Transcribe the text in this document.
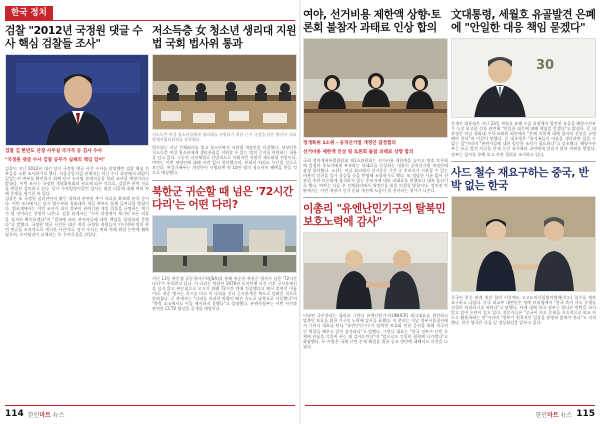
한국 정치
검찰 "2012년 국정원 댓글 수사 핵심 검찰들 조사"
검찰 김 한반도 산장 사무실 국가직 등 검사 수사
"국정원 댓글 수사 검찰 공무가 실패의 책임 있어"

검찰이 지난 2012년 대선 당시 국정원 댓글 사건 수사를 담당했던 검찰 핵심 간부들을 소환 조사하기로 했다. 서울중앙지검 관계자는 지난 수사 과정에서 외압이 있었는지 여부를 확인하기 위해 당시 수사팀 관계자들을 불러 조사할 예정이라고 밝혔다. 이번 조사는 국정원 개혁위원회의 권고에 따른 것으로, 검찰은 관련 자료를 면밀히 검토하고 있다. 당시 수사팀장이었던 검사는 외압 의혹에 대해 여러 차례 문제를 제기한 바 있다.

검찰은 또 국정원 심리전단의 활동 내역과 관련된 추가 자료를 확보해 분석 중이다. 이번 조사에서는 당시 법무부와 청와대의 개입 여부도 함께 들여다볼 방침이다. 법조계에서는 이번 조사가 과거 정부의 권력기관 개입 의혹을 규명하는 계기가 될 것이라는 전망이 나온다. 검찰 관계자는 "수사 과정에서 제기된 모든 의혹을 철저히 확인하겠다"며 "결과에 따라 관련자들에 대한 책임을 엄정하게 묻겠다"고 말했다. 국정원 댓글 사건은 대선 직전 국정원 직원들이 인터넷에 정치 관련 댓글을 조직적으로 게시한 사건이다. 당시 수사는 여러 차례 외압 논란에 휩싸였으며, 수사팀장이 교체되는 등 우여곡절을 겪었다.

저소득층 女 청소년 생리대 지원 법 국회 법사위 통과
저소득층 여성 청소년들에게 생리대를 지원하기 위한 근거 규정을 담은 법안이 국회 법제사법위원회를 통과했다.

법사위는 이날 전체회의를 열고 청소년복지 지원법 개정안을 의결했다. 개정안은 저소득층 여성 청소년에게 생리용품을 지원할 수 있는 법적 근거를 마련하는 내용을 담고 있다. 그동안 지자체별로 산발적으로 이뤄지던 지원이 제도화될 전망이다. 여야는 이번 개정안에 대해 이견 없이 합의했으며, 본회의 처리도 무난할 것으로 보인다. 여성가족부는 개정안이 시행되면 약 10만 명의 청소년이 혜택을 받을 것으로 예상했다.

북한군 귀순할 때 넘은 '72시간 다리'는 어떤 다리?

지난 13일 판문점 공동경비구역(JSA)을 통해 귀순한 북한군 병사가 넘은 '72시간 다리'가 주목받고 있다. 이 다리는 북한이 1976년 도끼만행 사건 이후 군사분계선을 넘지 않고 판문점으로 오가기 위해 72시간 만에 건설했다고 해서 붙여진 이름이다. 귀순 병사는 지프를 타고 이 다리를 건너 군사분계선 쪽으로 달려온 것으로 알려졌다. 군 관계자는 "다리를 통과한 차량이 빠른 속도로 남쪽으로 이동했다"며 "북측 초소에서도 이를 제지하지 못했다"고 설명했다. 유엔사령부는 이번 사건과 관련한 CCTV 영상을 공개할 예정이다.

여야, 선거비용 제한액 상향·토론회 불참자 과태료 인상 합의
정개특위 1소위 - 공직선거법 개정안 잠정합의
선거비용 제한액 인상 및 토론회 불참 과태료 상향 합의

국회 정치개혁특별위원회 제1소위원회는 선거비용 제한액을 높이고 방송 토론회에 불참한 후보자에게 부과하는 과태료를 인상하는 내용의 공직선거법 개정안에 잠정 합의했다. 소위는 이날 회의에서 선거운동 기간 중 후보자가 사용할 수 있는 비용의 상한을 물가 상승률 등을 반영해 조정하기로 했다. 또 정당한 사유 없이 선관위 주관 토론회에 참석하지 않는 후보자에 대한 과태료를 현행보다 대폭 올리기로 했다. 여야는 다음 주 전체회의에서 개정안을 최종 의결할 방침이다. 정치권 안팎에서는 이번 개정이 선거 문화 개선에 도움이 될 것이라는 평가가 나온다.

이총리 "유엔난민기구의 탈북민 보호노력에 감사"

이낙연 국무총리는 필리포 그란디 유엔난민기구(UNHCR) 최고대표를 접견하고 탈북민 보호를 위한 기구의 노력에 감사를 표했다. 이 총리는 이날 정부서울청사에서 그란디 대표를 만나 "유엔난민기구가 탈북민 보호와 인권 증진을 위해 적극적인 역할을 해주고 있어 감사하다"고 말했다. 그란디 대표는 "한국 정부가 난민 문제에 관심을 기울여 주는 데 감사드린다"며 "앞으로도 긴밀히 협력해 나가겠다"고 화답했다. 두 사람은 국제 난민 문제 해결을 위한 공조 방안에 대해서도 의견을 나눴다.

文대통령, 세월호 유골발견 은폐에 "안일한 대응 책임 묻겠다"
30

문재인 대통령은 지난 23일 세월호 유해 수습 과정에서 발견된 유골을 해양수산부가 늑장 보고한 것과 관련해 "안일한 대응에 대해 책임을 묻겠다"고 밝혔다. 문 대통령은 이날 청와대 수석·보좌관 회의에서 "은폐 의혹에 대해 철저히 진상을 규명해야 한다"며 이같이 말했다. 문 대통령은 "유가족들의 아픔을 생각하면 있을 수 없는 일"이라며 "관련자들에 대한 엄중한 조치가 필요하다"고 강조했다. 해양수산부는 유골 발견 사실을 닷새 동안 유가족과 국민에게 알리지 않아 비판을 받았다. 정부는 감사를 통해 보고 지연 경위를 조사하고 있다.

사드 철수 재요구하는 중국, 반박 없는 한국

중국이 한중 관계 개선 합의 이후에도 고고도미사일방어체계(사드) 철수를 재차 요구하고 나섰다. 중국 외교부 대변인은 정례 브리핑에서 "한국 측이 사드 문제를 적절히 처리하기를 바란다"고 말했다. 이에 대해 한국 정부는 별다른 반박을 하지 않고 있어 논란이 일고 있다. 전문가들은 "중국이 사드 문제를 지속적으로 외교 카드로 활용하려는 것"이라며 "정부가 원칙적인 입장을 분명히 밝혀야 한다"고 지적했다. 한중 양국은 다음 달 정상회담을 앞두고 있다.

114 한인마트 뉴스	한인마트 뉴스 115
